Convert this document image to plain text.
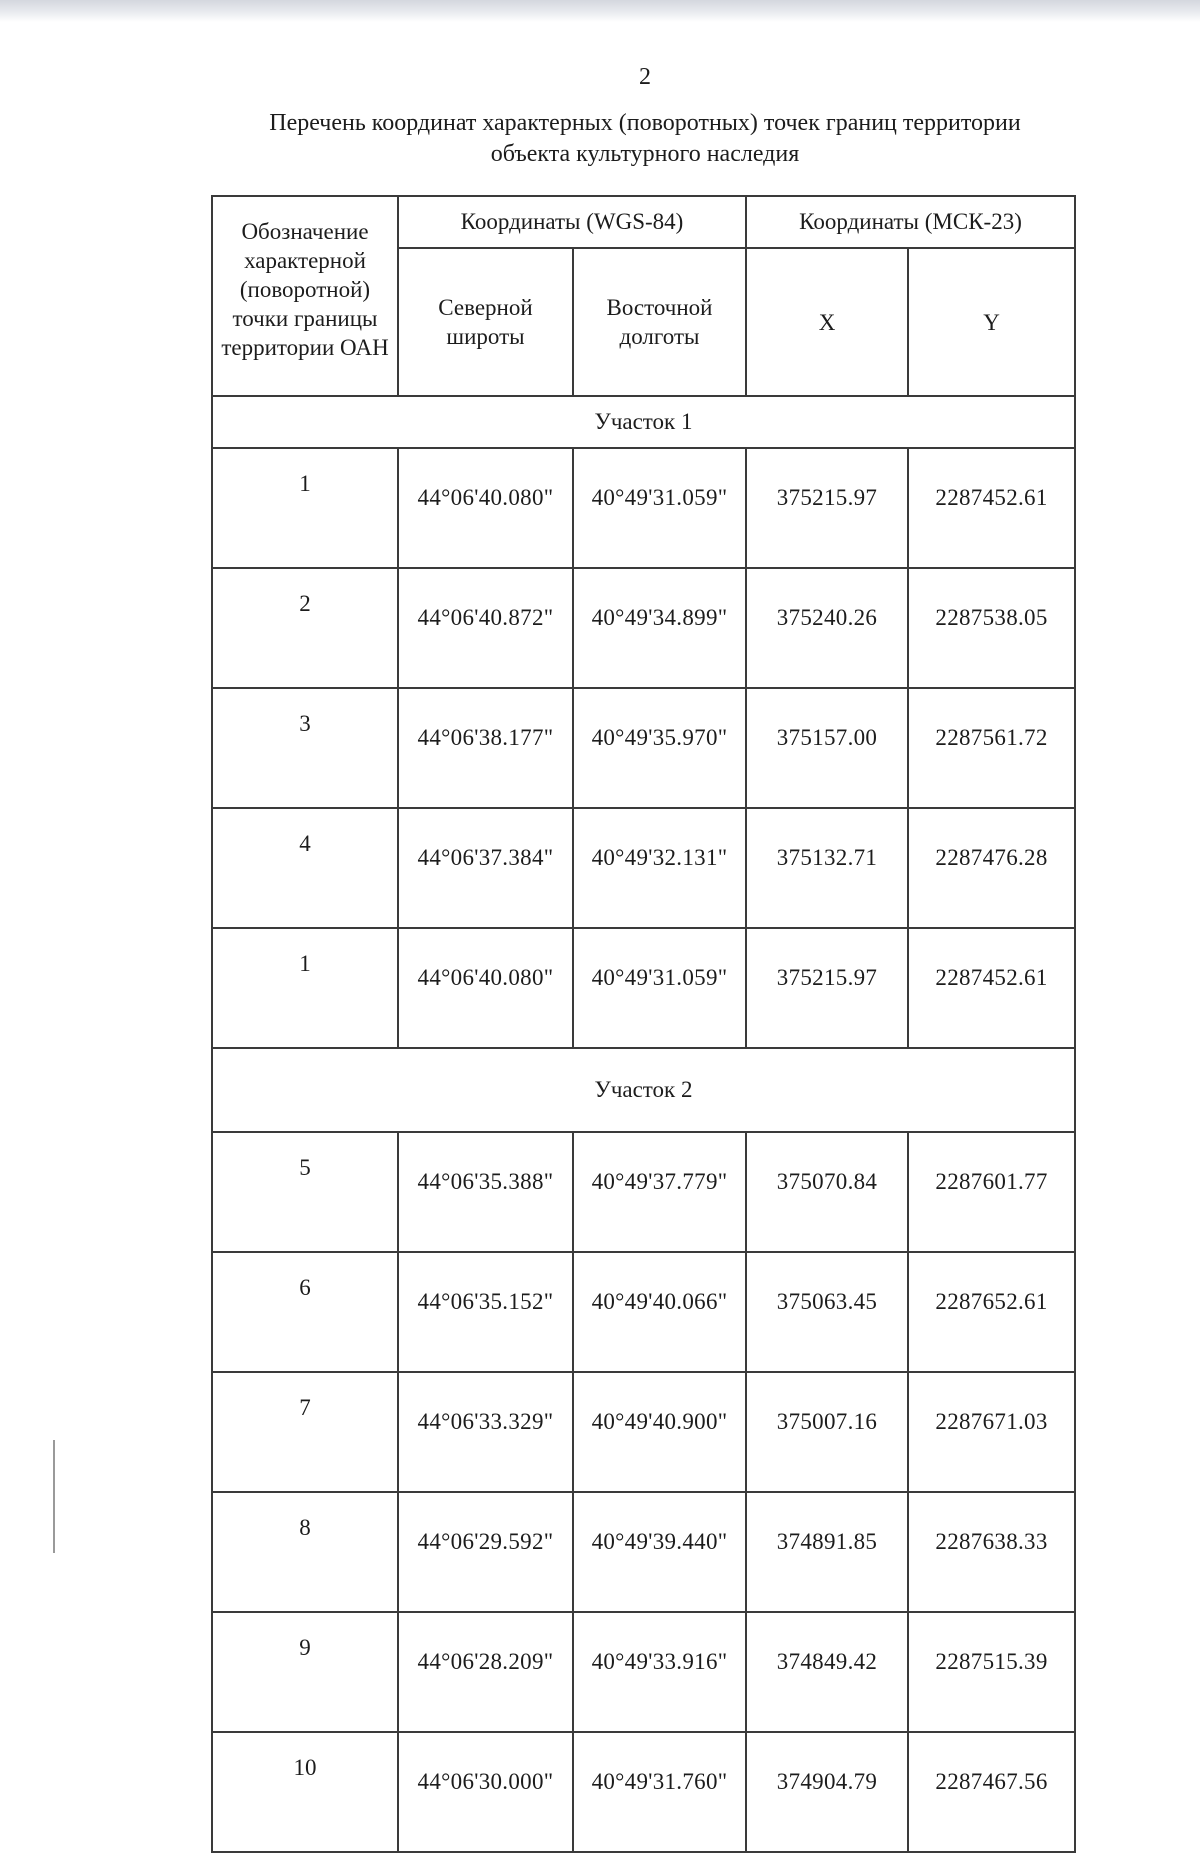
2
Перечень координат характерных (поворотных) точек границ территории
объекта культурного наследия
Обозначение характерной (поворотной) точки границы территории ОАН	Координаты (WGS-84)		Координаты (МСК-23)	
	Северной широты	Восточной долготы	X	Y
Участок 1				
1	44°06'40.080"	40°49'31.059"	375215.97	2287452.61
2	44°06'40.872"	40°49'34.899"	375240.26	2287538.05
3	44°06'38.177"	40°49'35.970"	375157.00	2287561.72
4	44°06'37.384"	40°49'32.131"	375132.71	2287476.28
1	44°06'40.080"	40°49'31.059"	375215.97	2287452.61
Участок 2				
5	44°06'35.388"	40°49'37.779"	375070.84	2287601.77
6	44°06'35.152"	40°49'40.066"	375063.45	2287652.61
7	44°06'33.329"	40°49'40.900"	375007.16	2287671.03
8	44°06'29.592"	40°49'39.440"	374891.85	2287638.33
9	44°06'28.209"	40°49'33.916"	374849.42	2287515.39
10	44°06'30.000"	40°49'31.760"	374904.79	2287467.56
